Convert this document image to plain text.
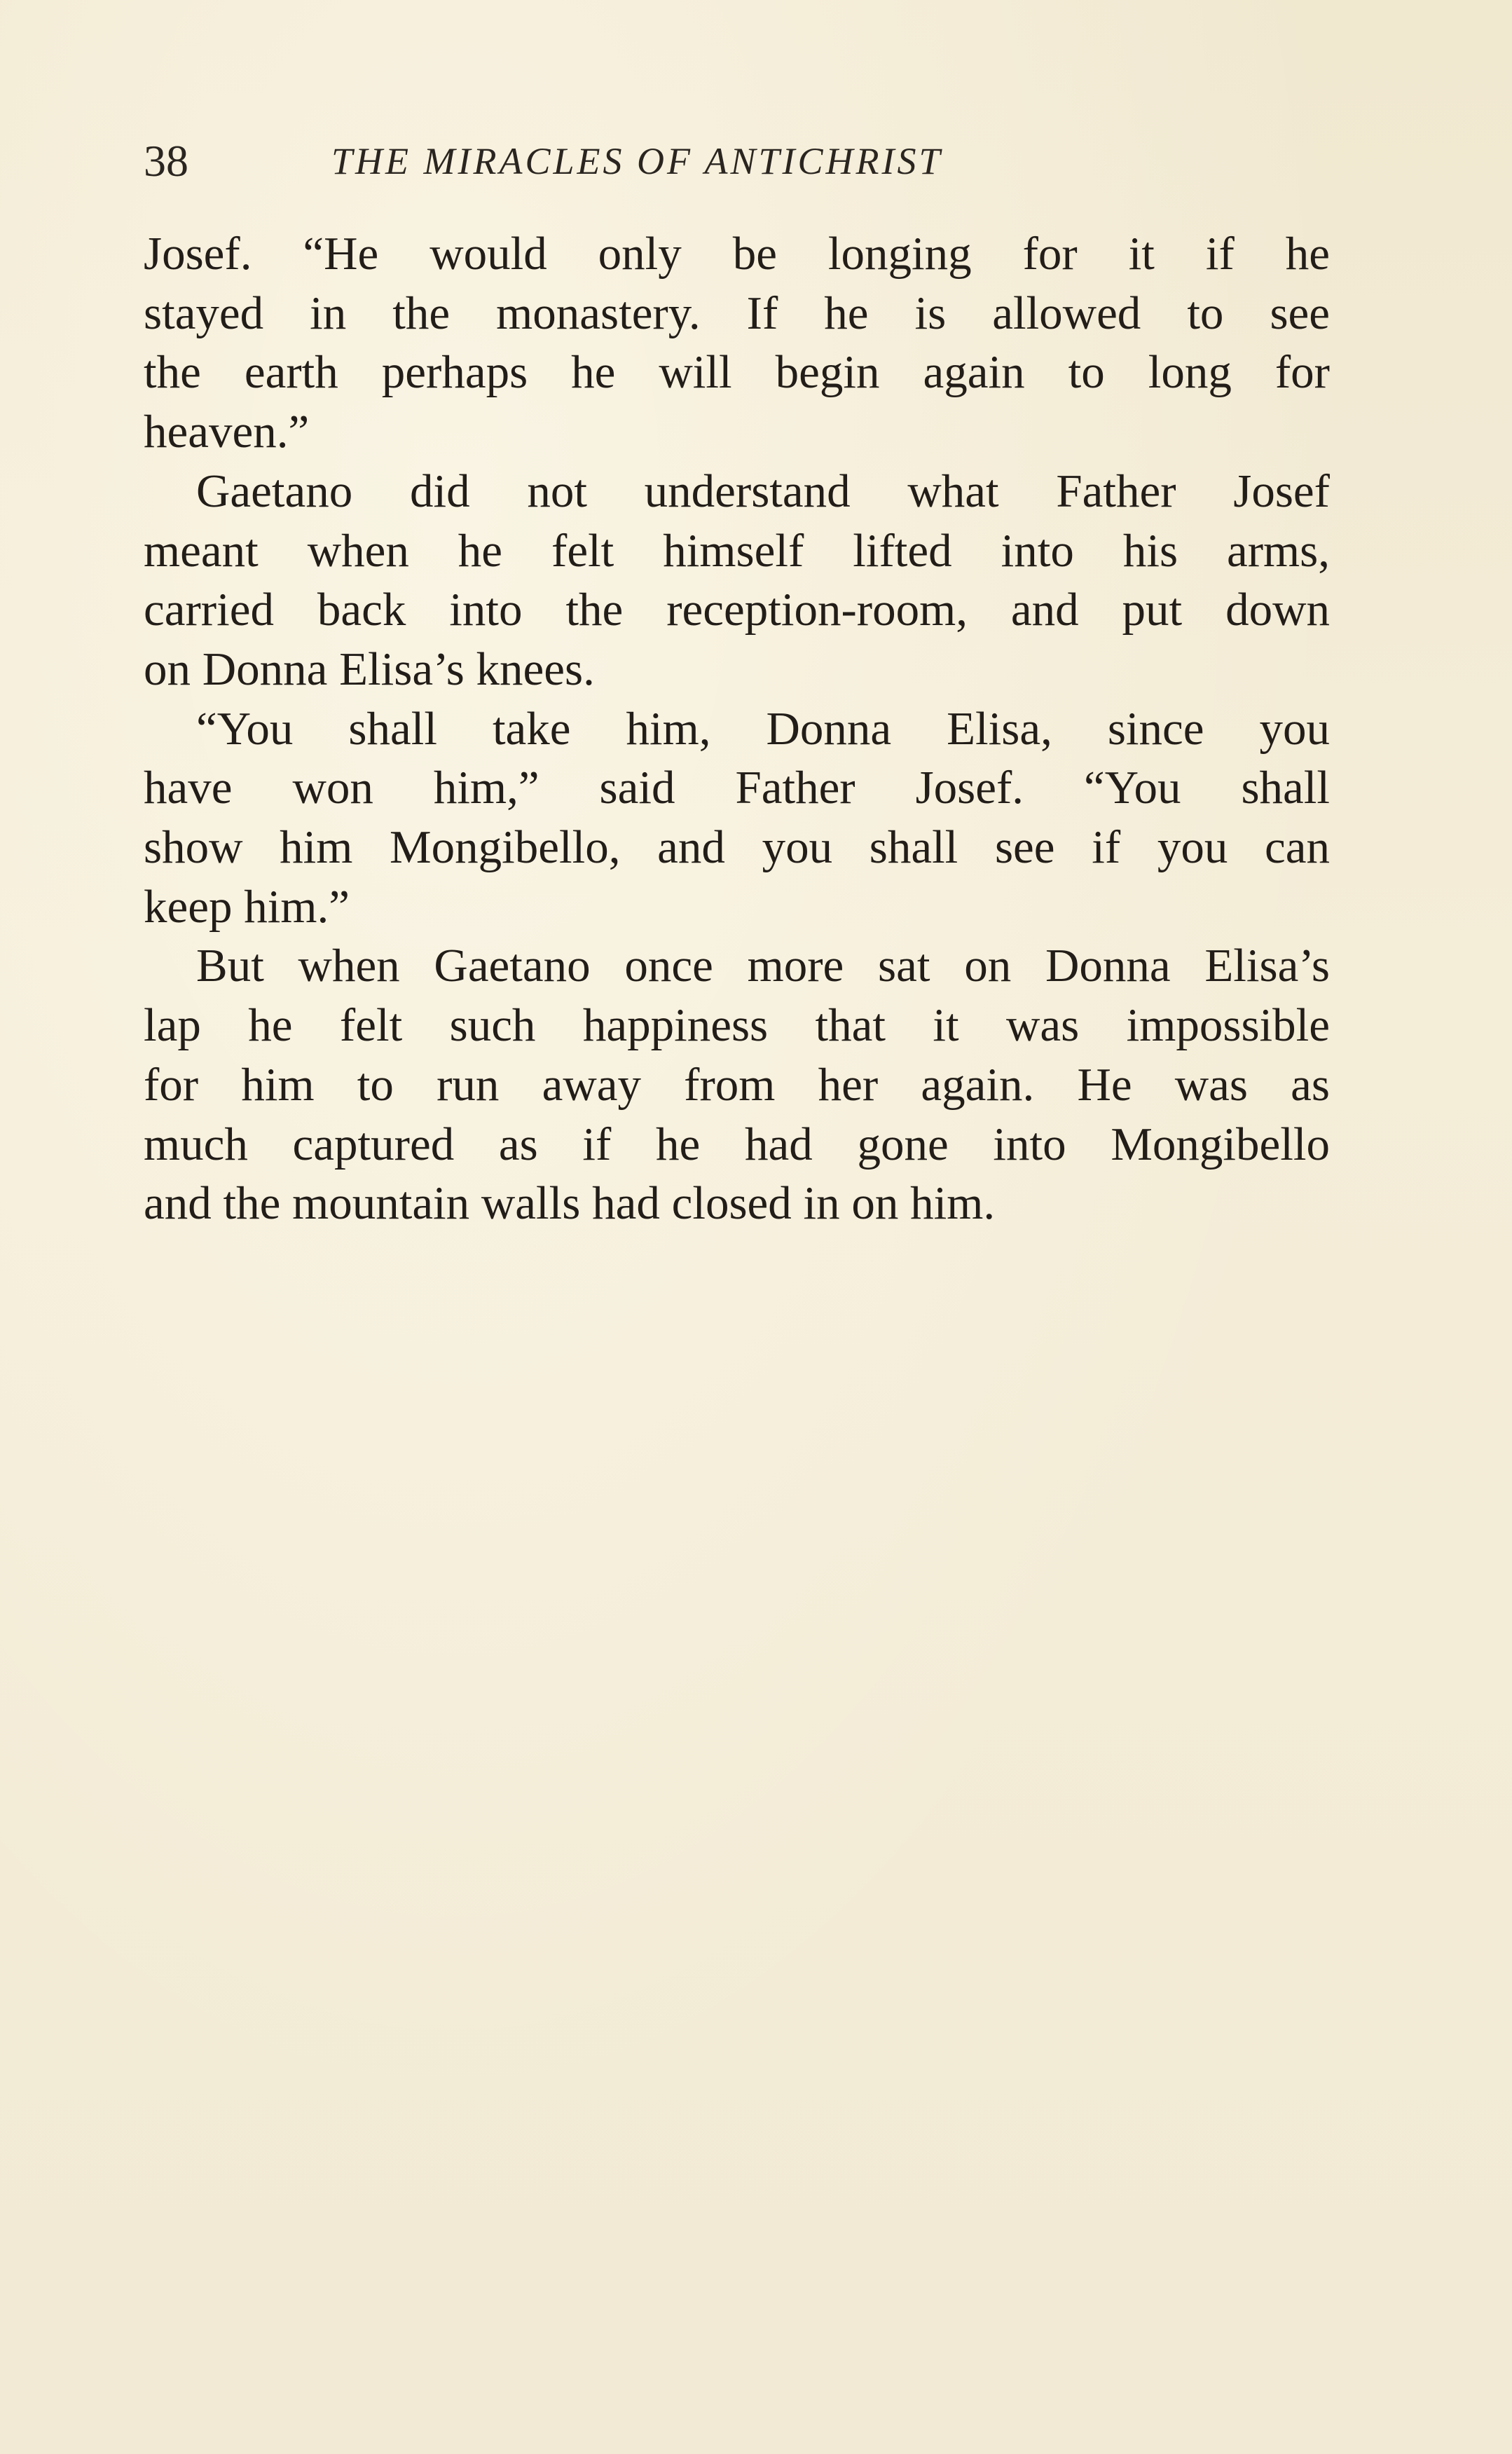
38	THE MIRACLES OF ANTICHRIST

Josef. “He would only be longing for it if he
stayed in the monastery. If he is allowed to see
the earth perhaps he will begin again to long for
heaven.”

Gaetano did not understand what Father Josef
meant when he felt himself lifted into his arms,
carried back into the reception-room, and put down
on Donna Elisa’s knees.

“You shall take him, Donna Elisa, since you
have won him,” said Father Josef. “You shall
show him Mongibello, and you shall see if you can
keep him.”

But when Gaetano once more sat on Donna Elisa’s
lap he felt such happiness that it was impossible
for him to run away from her again. He was as
much captured as if he had gone into Mongibello
and the mountain walls had closed in on him.
